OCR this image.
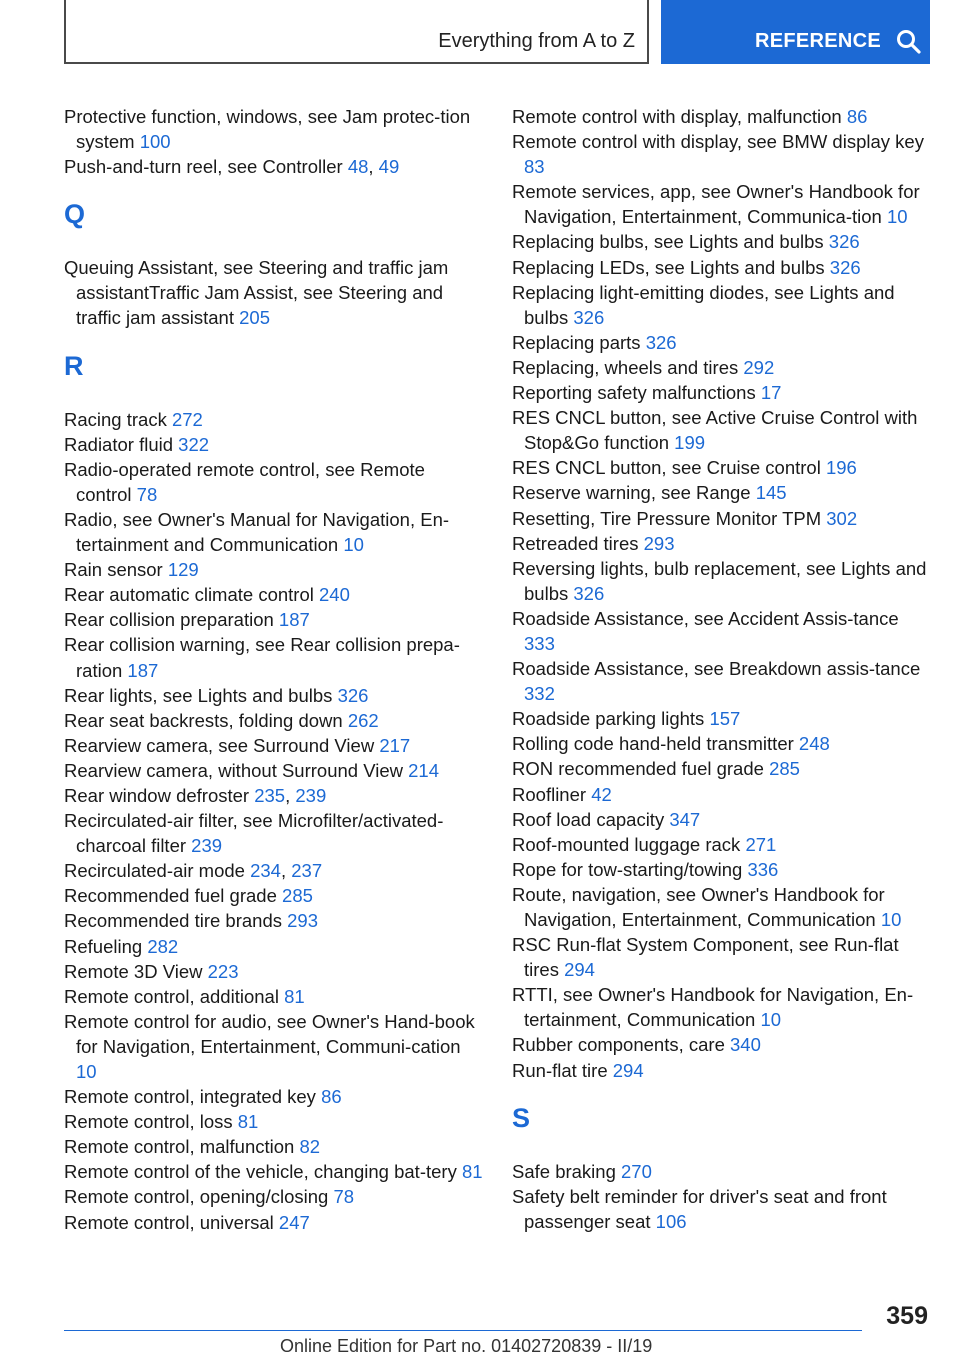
Everything from A to Z	REFERENCE
Protective function, windows, see Jam protec‐tion system 100
Push-and-turn reel, see Controller 48, 49
Q
Queuing Assistant, see Steering and traffic jam assistantTraffic Jam Assist, see Steering and traffic jam assistant 205
R
Racing track 272
Radiator fluid 322
Radio-operated remote control, see Remote control 78
Radio, see Owner's Manual for Navigation, En‐tertainment and Communication 10
Rain sensor 129
Rear automatic climate control 240
Rear collision preparation 187
Rear collision warning, see Rear collision prepa‐ration 187
Rear lights, see Lights and bulbs 326
Rear seat backrests, folding down 262
Rearview camera, see Surround View 217
Rearview camera, without Surround View 214
Rear window defroster 235, 239
Recirculated-air filter, see Microfilter/activated-charcoal filter 239
Recirculated-air mode 234, 237
Recommended fuel grade 285
Recommended tire brands 293
Refueling 282
Remote 3D View 223
Remote control, additional 81
Remote control for audio, see Owner's Hand‐book for Navigation, Entertainment, Communi‐cation 10
Remote control, integrated key 86
Remote control, loss 81
Remote control, malfunction 82
Remote control of the vehicle, changing bat‐tery 81
Remote control, opening/closing 78
Remote control, universal 247
Remote control with display, malfunction 86
Remote control with display, see BMW display key 83
Remote services, app, see Owner's Handbook for Navigation, Entertainment, Communica‐tion 10
Replacing bulbs, see Lights and bulbs 326
Replacing LEDs, see Lights and bulbs 326
Replacing light-emitting diodes, see Lights and bulbs 326
Replacing parts 326
Replacing, wheels and tires 292
Reporting safety malfunctions 17
RES CNCL button, see Active Cruise Control with Stop&Go function 199
RES CNCL button, see Cruise control 196
Reserve warning, see Range 145
Resetting, Tire Pressure Monitor TPM 302
Retreaded tires 293
Reversing lights, bulb replacement, see Lights and bulbs 326
Roadside Assistance, see Accident Assis‐tance 333
Roadside Assistance, see Breakdown assis‐tance 332
Roadside parking lights 157
Rolling code hand-held transmitter 248
RON recommended fuel grade 285
Roofliner 42
Roof load capacity 347
Roof-mounted luggage rack 271
Rope for tow-starting/towing 336
Route, navigation, see Owner's Handbook for Navigation, Entertainment, Communication 10
RSC Run-flat System Component, see Run-flat tires 294
RTTI, see Owner's Handbook for Navigation, En‐tertainment, Communication 10
Rubber components, care 340
Run-flat tire 294
S
Safe braking 270
Safety belt reminder for driver's seat and front passenger seat 106
359
Online Edition for Part no. 01402720839 - II/19
